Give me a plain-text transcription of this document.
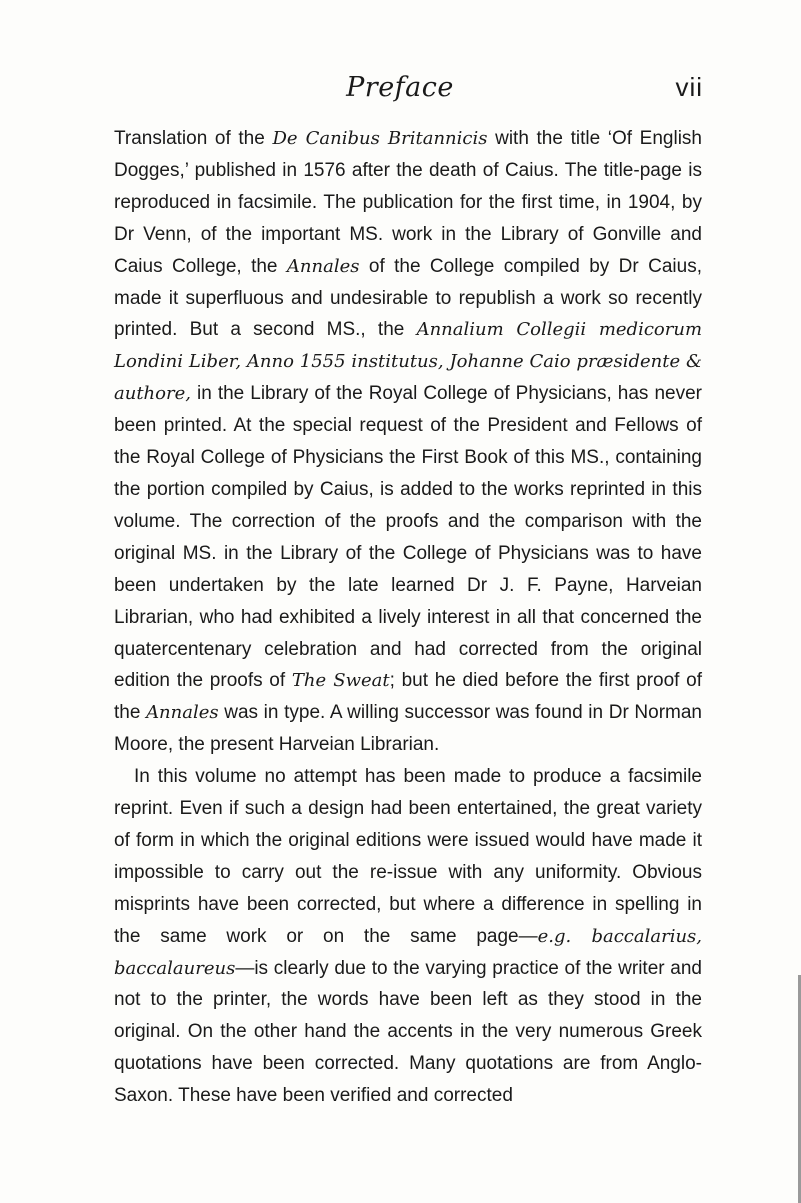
Preface	vii

Translation of the De Canibus Britannicis with the title ‘Of English Dogges,’ published in 1576 after the death of Caius. The title-page is reproduced in facsimile. The publication for the first time, in 1904, by Dr Venn, of the important MS. work in the Library of Gonville and Caius College, the Annales of the College compiled by Dr Caius, made it superfluous and undesirable to republish a work so recently printed. But a second MS., the Annalium Collegii medicorum Londini Liber, Anno 1555 institutus, Johanne Caio præsidente & authore, in the Library of the Royal College of Physicians, has never been printed. At the special request of the President and Fellows of the Royal College of Physicians the First Book of this MS., containing the portion compiled by Caius, is added to the works reprinted in this volume. The correction of the proofs and the comparison with the original MS. in the Library of the College of Physicians was to have been undertaken by the late learned Dr J. F. Payne, Harveian Librarian, who had exhibited a lively interest in all that concerned the quatercentenary celebration and had corrected from the original edition the proofs of The Sweat; but he died before the first proof of the Annales was in type. A willing successor was found in Dr Norman Moore, the present Harveian Librarian.

In this volume no attempt has been made to produce a facsimile reprint. Even if such a design had been entertained, the great variety of form in which the original editions were issued would have made it impossible to carry out the re-issue with any uniformity. Obvious misprints have been corrected, but where a difference in spelling in the same work or on the same page—e.g. baccalarius, baccalaureus—is clearly due to the varying practice of the writer and not to the printer, the words have been left as they stood in the original. On the other hand the accents in the very numerous Greek quotations have been corrected. Many quotations are from Anglo-Saxon. These have been verified and corrected
